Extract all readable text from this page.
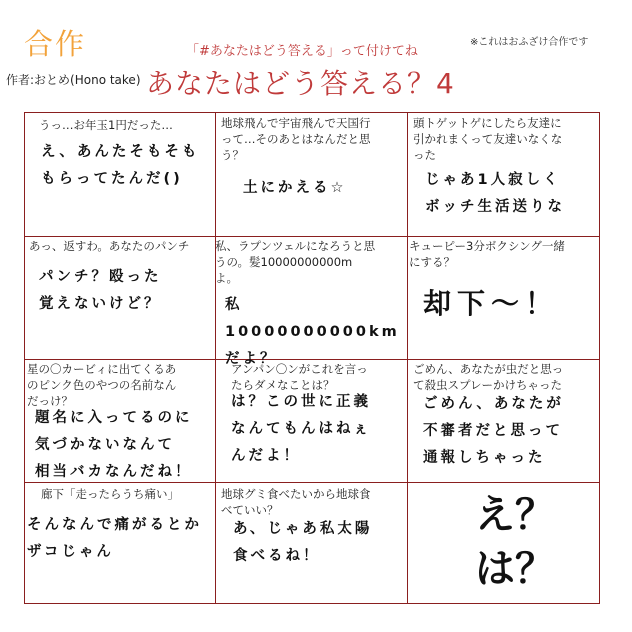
合作	「#あなたはどう答える」って付けてね
※これはおふざけ合作です
作者:おとめ(Hono take) あなたはどう答える？4
うっ…お年玉1円だった…
え、あんたそもそも
もらってたんだ()
地球飛んで宇宙飛んで天国行
って…そのあとはなんだと思
う？
土にかえる☆
頭トゲットゲにしたら友達に
引かれまくって友達いなくな
った
じゃあ1人寂しく
ボッチ生活送りな
あっ、返すわ。あなたのパンチ
パンチ？殴った
覚えないけど？
私、ラプンツェルになろうと思
うの。髪10000000000m
よ。
私10000000000km
だよ？
キューピー3分ボクシング一緒
にする？
却下〜！
星の〇カービィに出てくるあ
のピンク色のやつの名前なん
だっけ？
題名に入ってるのに
気づかないなんて
相当バカなんだね！
アンパン〇ンがこれを言っ
たらダメなことは？
は？この世に正義
なんてもんはねぇ
んだよ！
ごめん、あなたが虫だと思っ
て殺虫スプレーかけちゃった
ごめん、あなたが
不審者だと思って
通報しちゃった
廊下「走ったらうち痛い」
そんなんで痛がるとか
ザコじゃん
地球グミ食べたいから地球食
べていい？
あ、じゃあ私太陽
食べるね！
え？
は？
